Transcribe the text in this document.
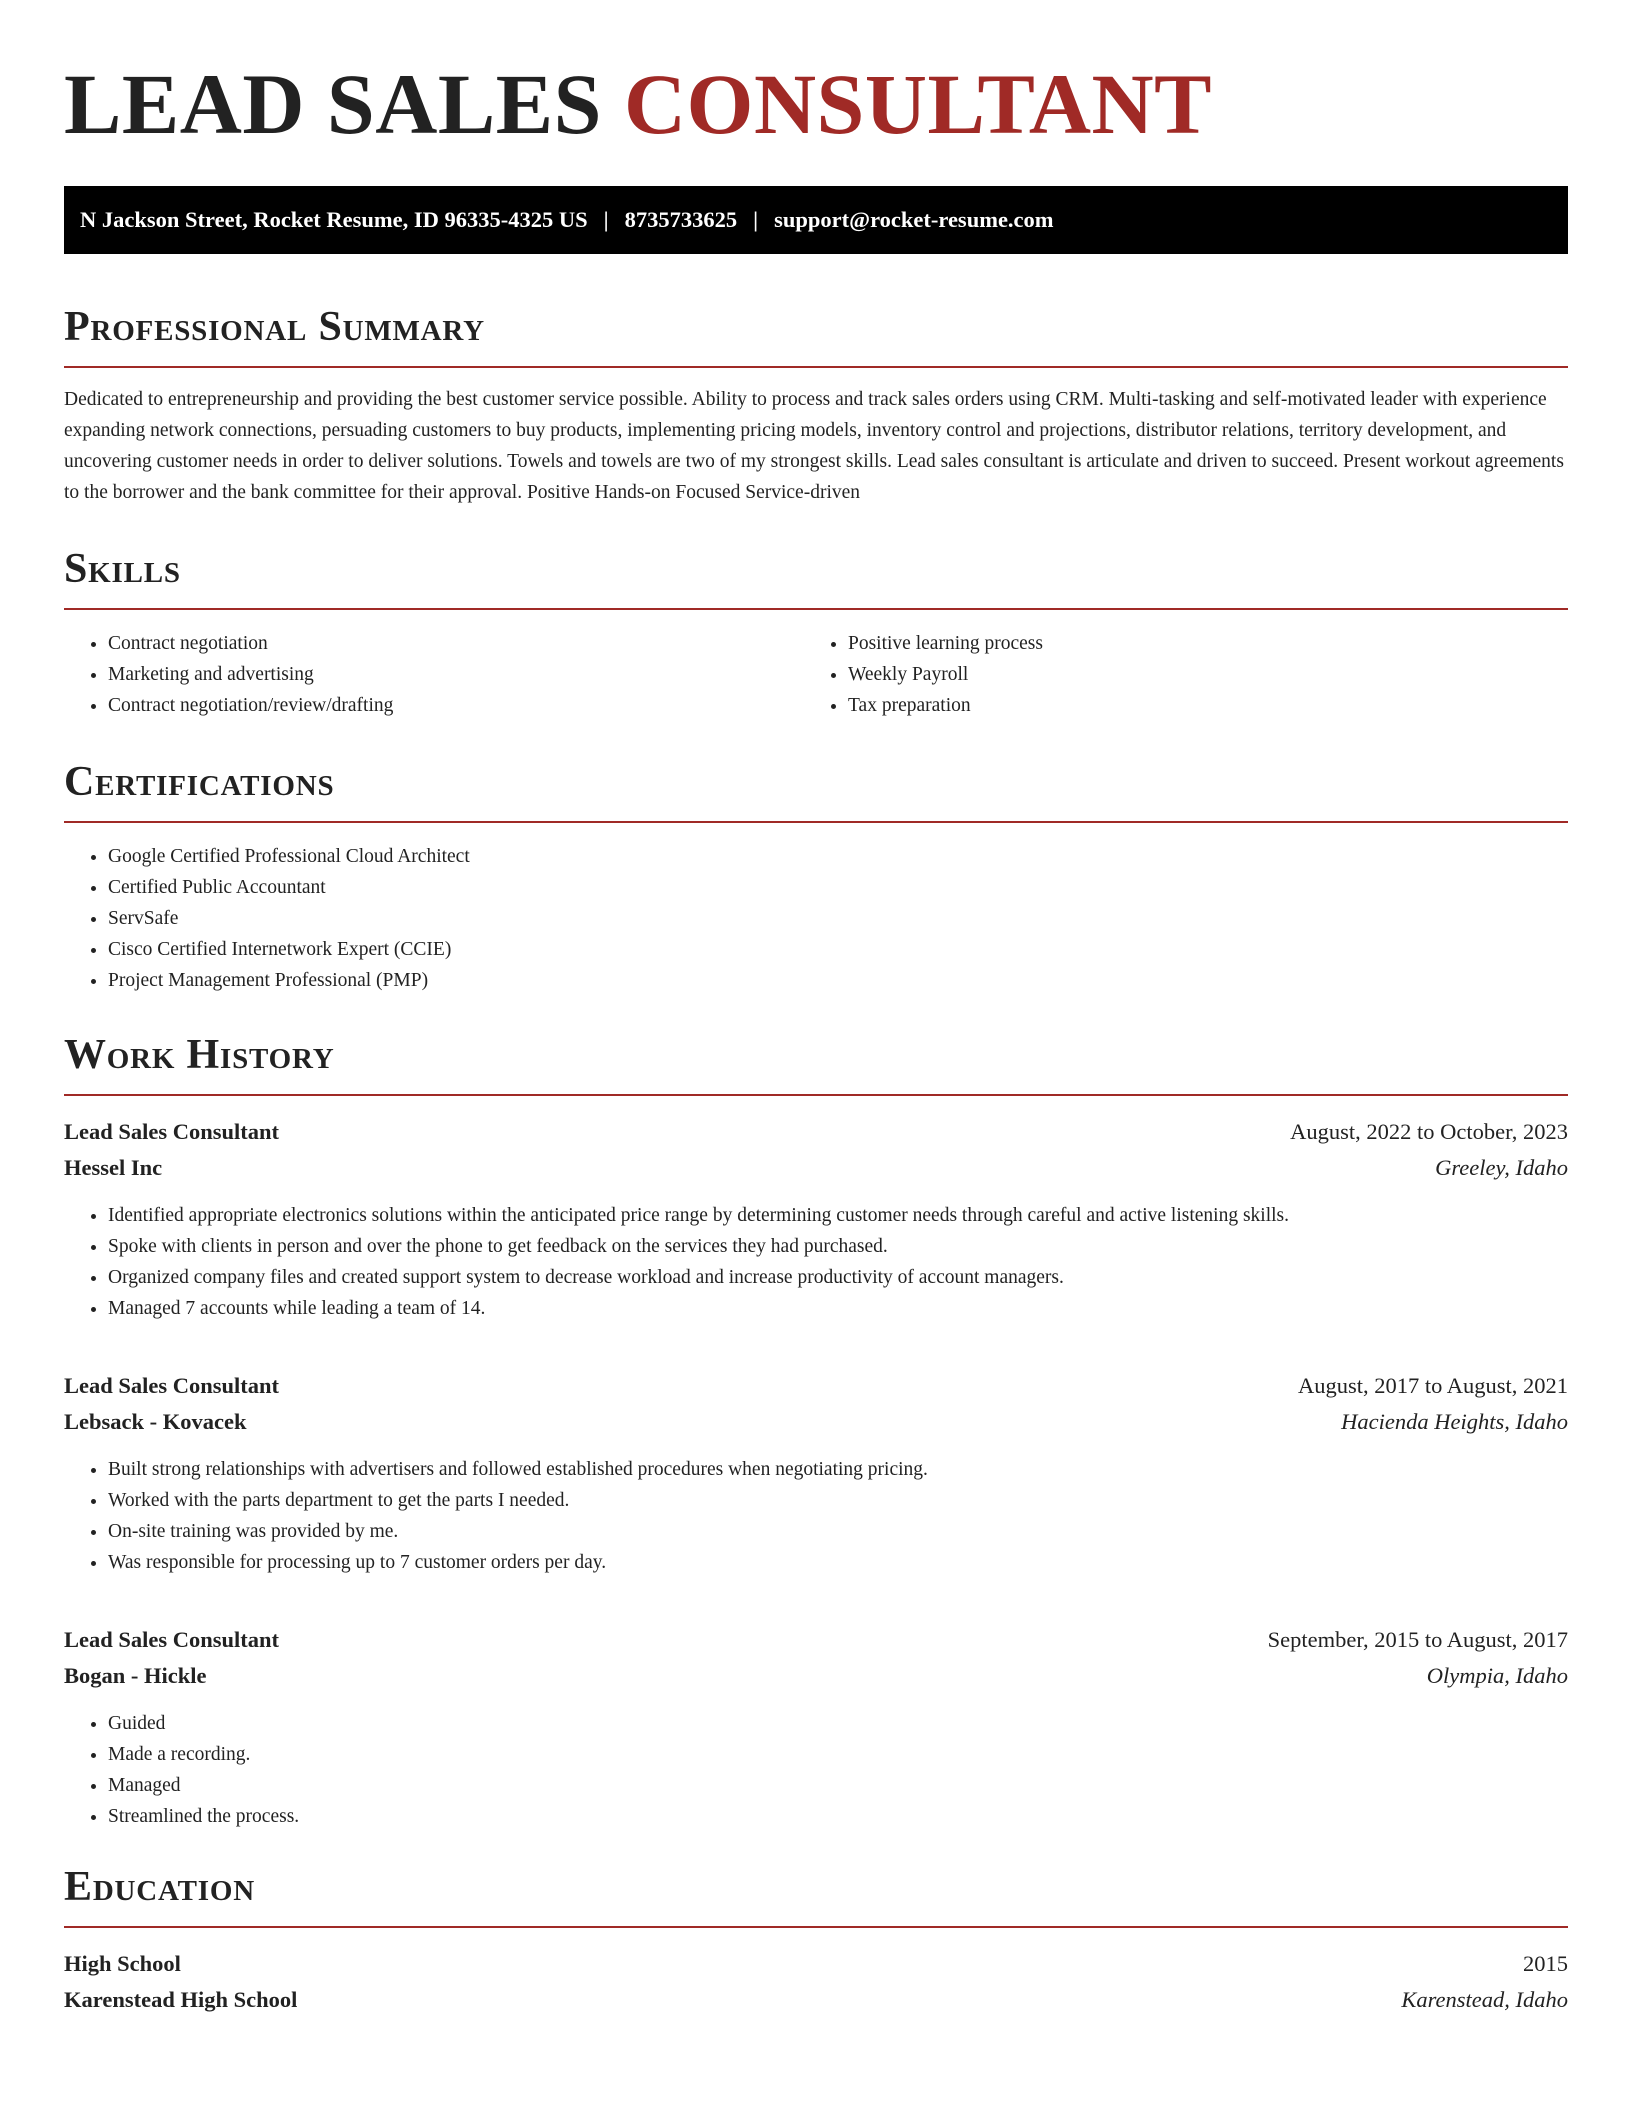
LEAD SALES CONSULTANT
N Jackson Street, Rocket Resume, ID 96335-4325 US | 8735733625 | support@rocket-resume.com
Professional Summary

Dedicated to entrepreneurship and providing the best customer service possible. Ability to process and track sales orders using CRM. Multi-tasking and self-motivated leader with experience expanding network connections, persuading customers to buy products, implementing pricing models, inventory control and projections, distributor relations, territory development, and uncovering customer needs in order to deliver solutions. Towels and towels are two of my strongest skills. Lead sales consultant is articulate and driven to succeed. Present workout agreements to the borrower and the bank committee for their approval. Positive Hands-on Focused Service-driven

Skills
• Contract negotiation
• Marketing and advertising
• Contract negotiation/review/drafting
• Positive learning process
• Weekly Payroll
• Tax preparation
Certifications
• Google Certified Professional Cloud Architect
• Certified Public Accountant
• ServSafe
• Cisco Certified Internetwork Expert (CCIE)
• Project Management Professional (PMP)
Work History
Lead Sales Consultant	August, 2022 to October, 2023
Hessel Inc	Greeley, Idaho
• Identified appropriate electronics solutions within the anticipated price range by determining customer needs through careful and active listening skills.
• Spoke with clients in person and over the phone to get feedback on the services they had purchased.
• Organized company files and created support system to decrease workload and increase productivity of account managers.
• Managed 7 accounts while leading a team of 14.
Lead Sales Consultant	August, 2017 to August, 2021
Lebsack - Kovacek	Hacienda Heights, Idaho
• Built strong relationships with advertisers and followed established procedures when negotiating pricing.
• Worked with the parts department to get the parts I needed.
• On-site training was provided by me.
• Was responsible for processing up to 7 customer orders per day.
Lead Sales Consultant	September, 2015 to August, 2017
Bogan - Hickle	Olympia, Idaho
• Guided
• Made a recording.
• Managed
• Streamlined the process.
Education
High School	2015
Karenstead High School	Karenstead, Idaho
